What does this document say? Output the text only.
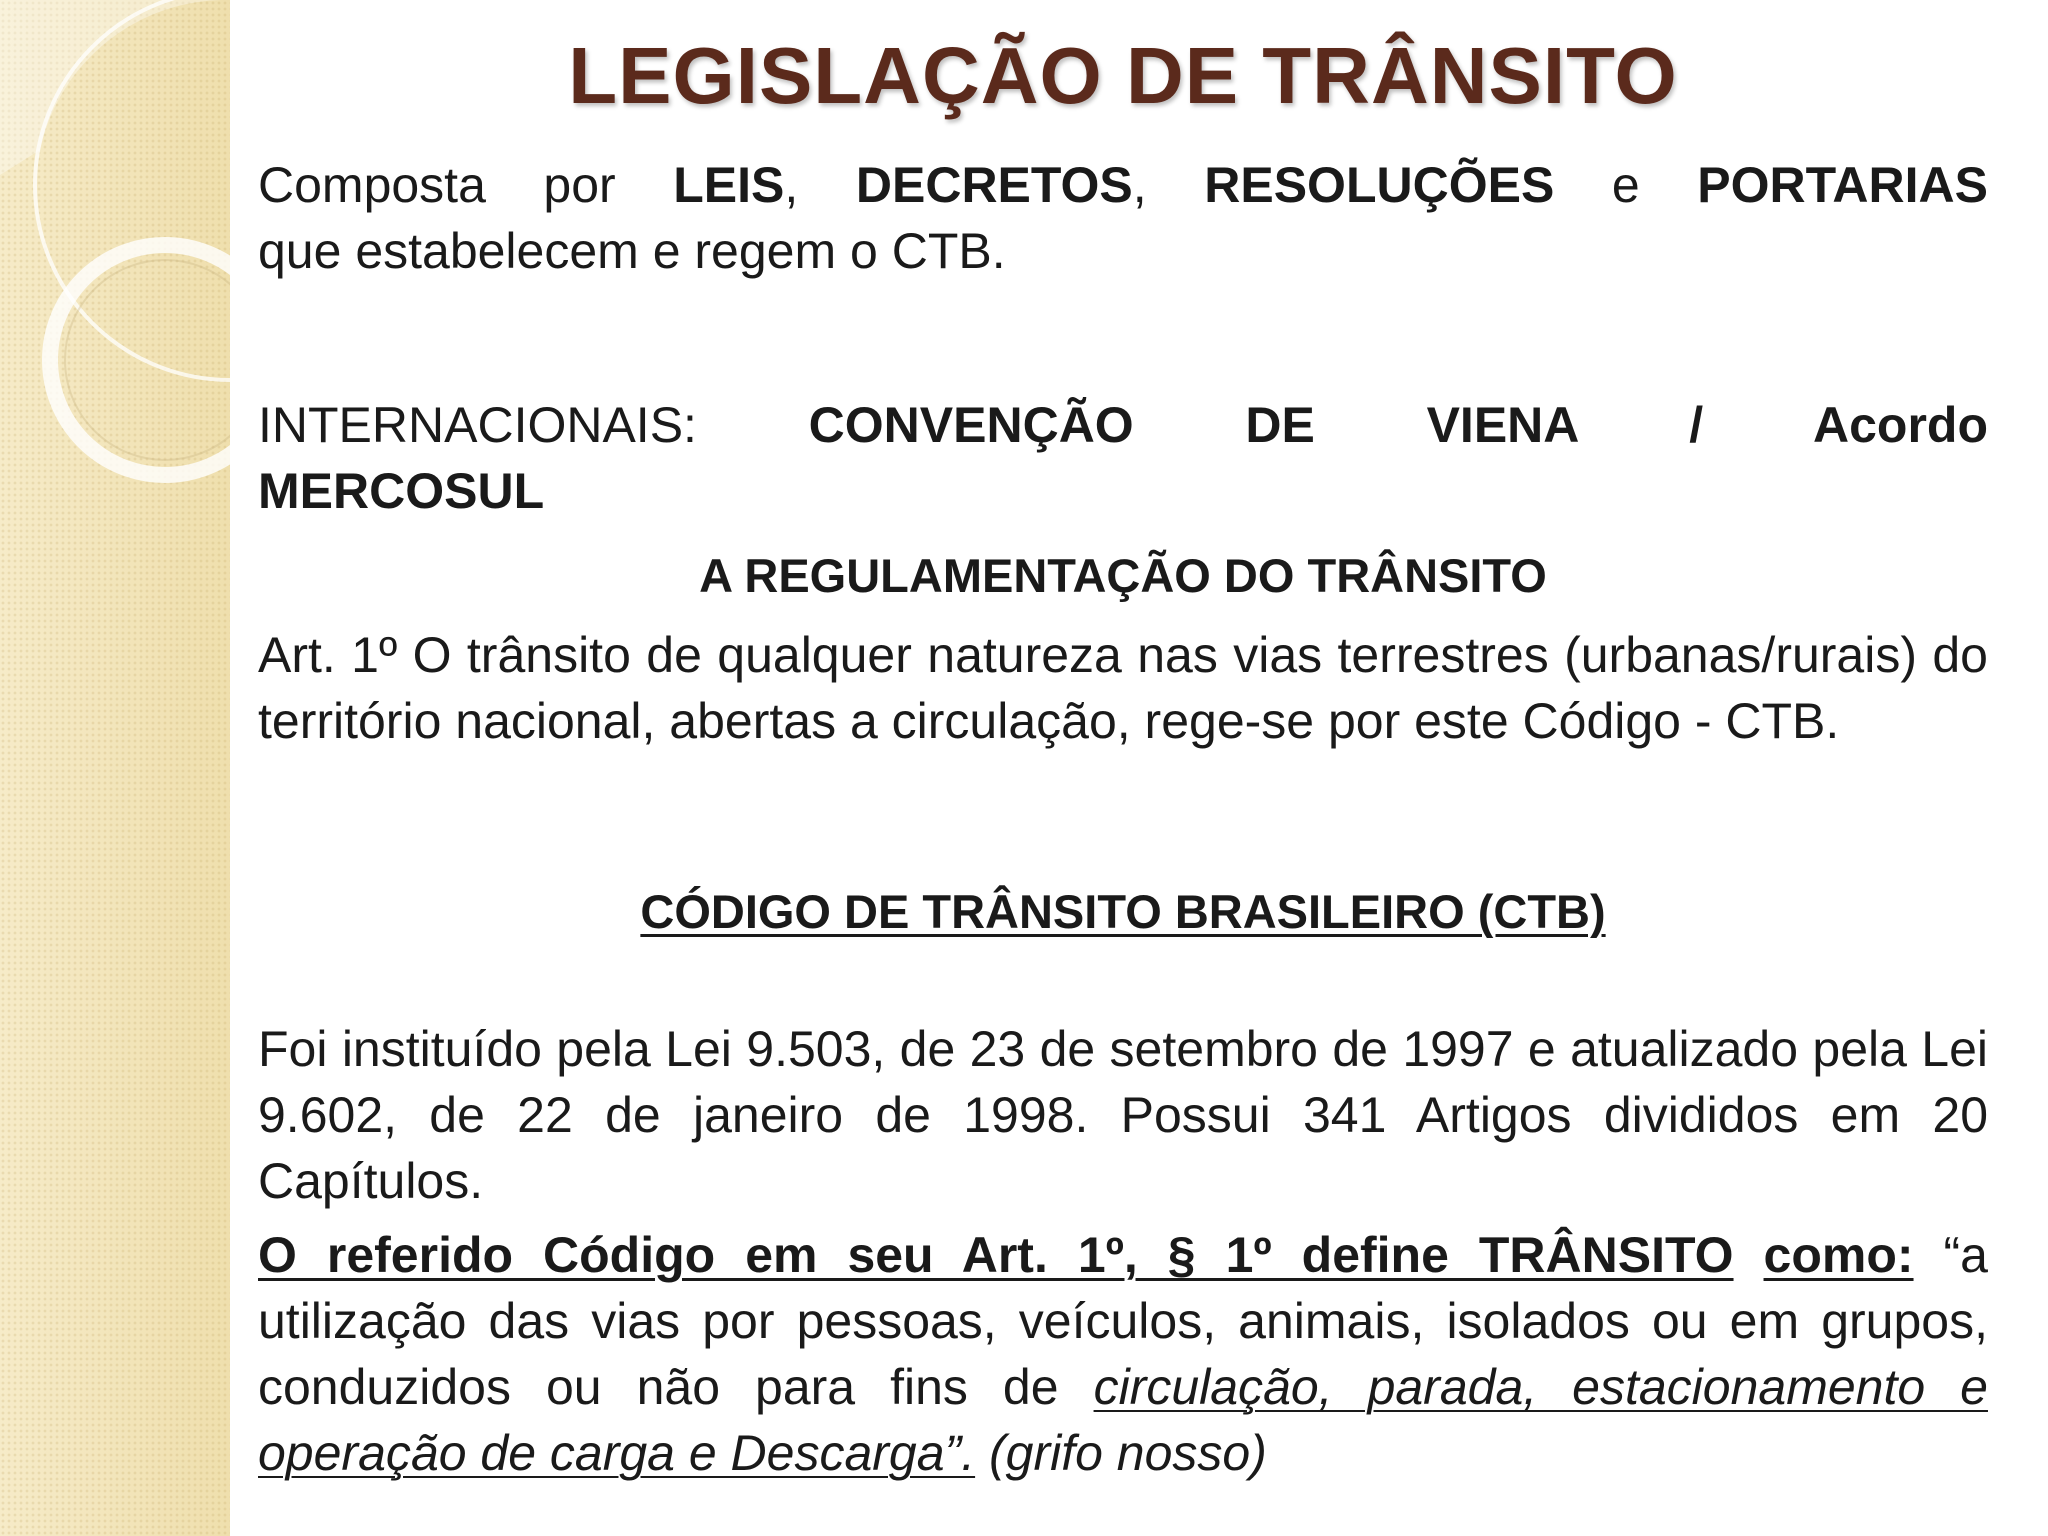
LEGISLAÇÃO DE TRÂNSITO
Composta por LEIS, DECRETOS, RESOLUÇÕES e PORTARIAS
que estabelecem e regem o CTB.
INTERNACIONAIS: CONVENÇÃO DE VIENA / Acordo
MERCOSUL
A REGULAMENTAÇÃO DO TRÂNSITO
Art. 1º O trânsito de qualquer natureza nas vias terrestres (urbanas/rurais) do território nacional, abertas a circulação, rege-se por este Código - CTB.
CÓDIGO DE TRÂNSITO BRASILEIRO (CTB)
Foi instituído pela Lei 9.503, de 23 de setembro de 1997 e atualizado pela Lei 9.602, de 22 de janeiro de 1998. Possui 341 Artigos divididos em 20 Capítulos.
O referido Código em seu Art. 1º, § 1º define TRÂNSITO como: “a utilização das vias por pessoas, veículos, animais, isolados ou em grupos, conduzidos ou não para fins de circulação, parada, estacionamento e operação de carga e Descarga”. (grifo nosso)
